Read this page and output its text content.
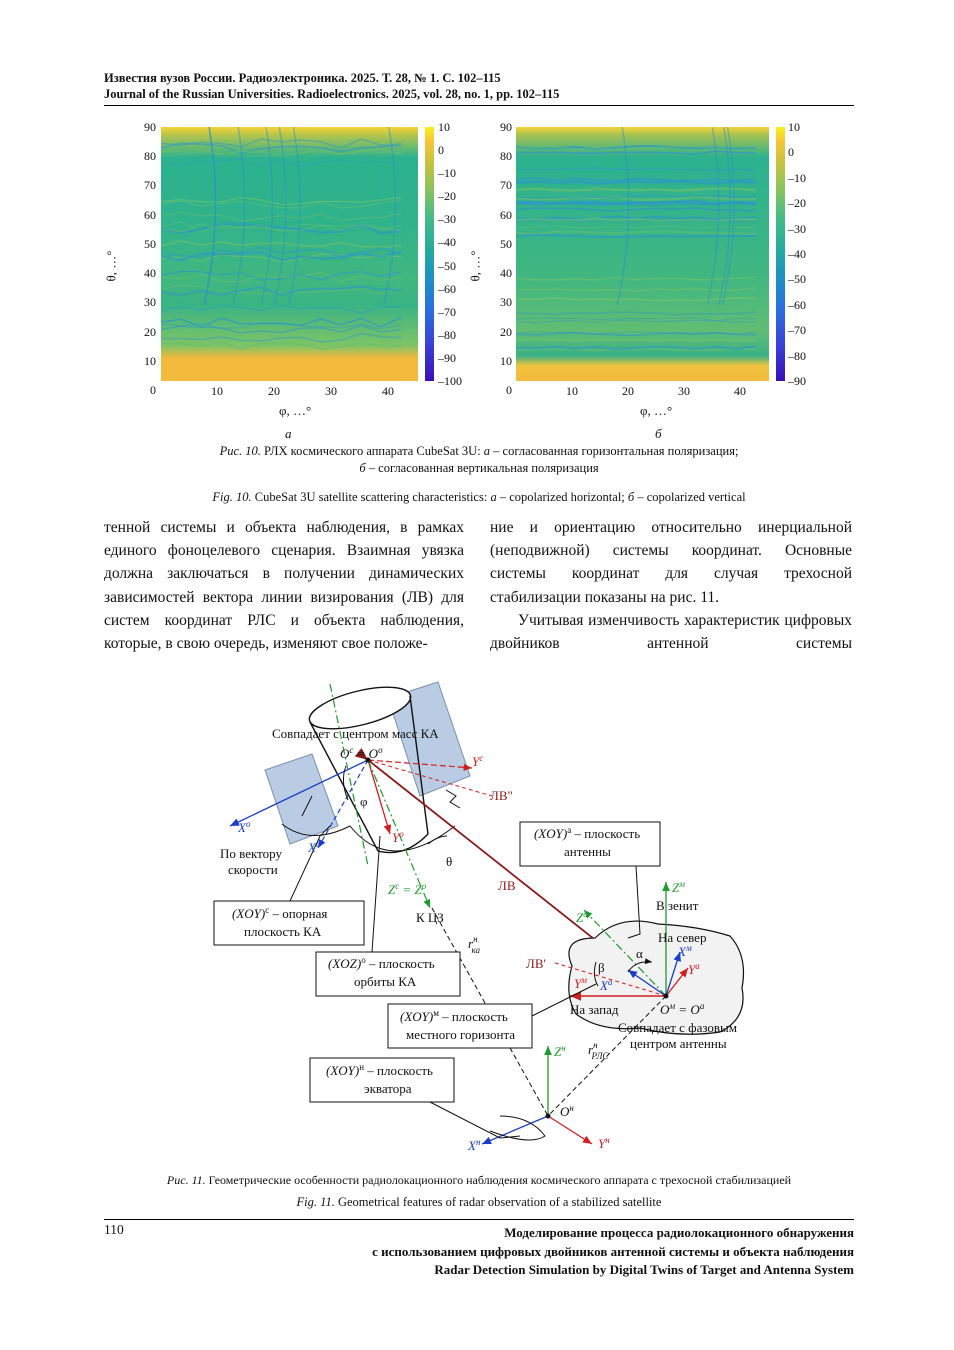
Известия вузов России. Радиоэлектроника. 2025. Т. 28, № 1. С. 102–115
Journal of the Russian Universities. Radioelectronics. 2025, vol. 28, no. 1, pp. 102–115
θ, …°
90
80
70
60
50
40
30
20
10
0
10
0
–10
–20
–30
–40
–50
–60
–70
–80
–90
–100
10	20	30	40
φ, …°
а
θ, …°
90
80
70
60
50
40
30
20
10
0
10
0
–10
–20
–30
–40
–50
–60
–70
–80
–90
10	20	30	40
φ, …°
б
Рис. 10. РЛХ космического аппарата CubeSat 3U: а – согласованная горизонтальная поляризация;
б – согласованная вертикальная поляризация
Fig. 10. CubeSat 3U satellite scattering characteristics: а – copolarized horizontal; б – copolarized vertical

тенной системы и объекта наблюдения, в рамках единого фоноцелевого сценария. Взаимная увязка должна заключаться в получении динамических зависимостей вектора линии визирования (ЛВ) для систем координат РЛС и объекта наблюдения, которые, в свою очередь, изменяют свое положе-

ние и ориентацию относительно инерциальной (неподвижной) системы координат. Основные системы координат для случая трехосной стабилизации показаны на рис. 11.

Учитывая изменчивость характеристик цифровых двойников антенной системы

Совпадает с центром масс КА
$O^с = O^о$
$Y^с$
ЛВ"
φ
$X^о$
$X^с$	$Y^о$
По вектору
скорости
θ
ЛВ
$Z^с = Z^о$
К ЦЗ
$r^н$ ка
(XOY)$^а$ – плоскость
антенны
(XOY)$^с$ – опорная
плоскость КА
(XOZ)$^о$ – плоскость
орбиты КА
(XOY)$^м$ – плоскость
местного горизонта
(XOY)$^н$ – плоскость
экватора
$Z^м$
В зенит
На север
$X^м$
$Z^а$
ЛВ'	β
α
$Y^а$
$Y^м$ $X^а$
На запад	$O^м = O^а$
Совпадает с фазовым
центром антенны
$r^н$ РЛС
$Z^н$
$O^н$
$X^н$	$Y^н$
Рис. 11. Геометрические особенности радиолокационного наблюдения космического аппарата с трехосной стабилизацией
Fig. 11. Geometrical features of radar observation of a stabilized satellite
110	Моделирование процесса радиолокационного обнаружения
с использованием цифровых двойников антенной системы и объекта наблюдения
Radar Detection Simulation by Digital Twins of Target and Antenna System
